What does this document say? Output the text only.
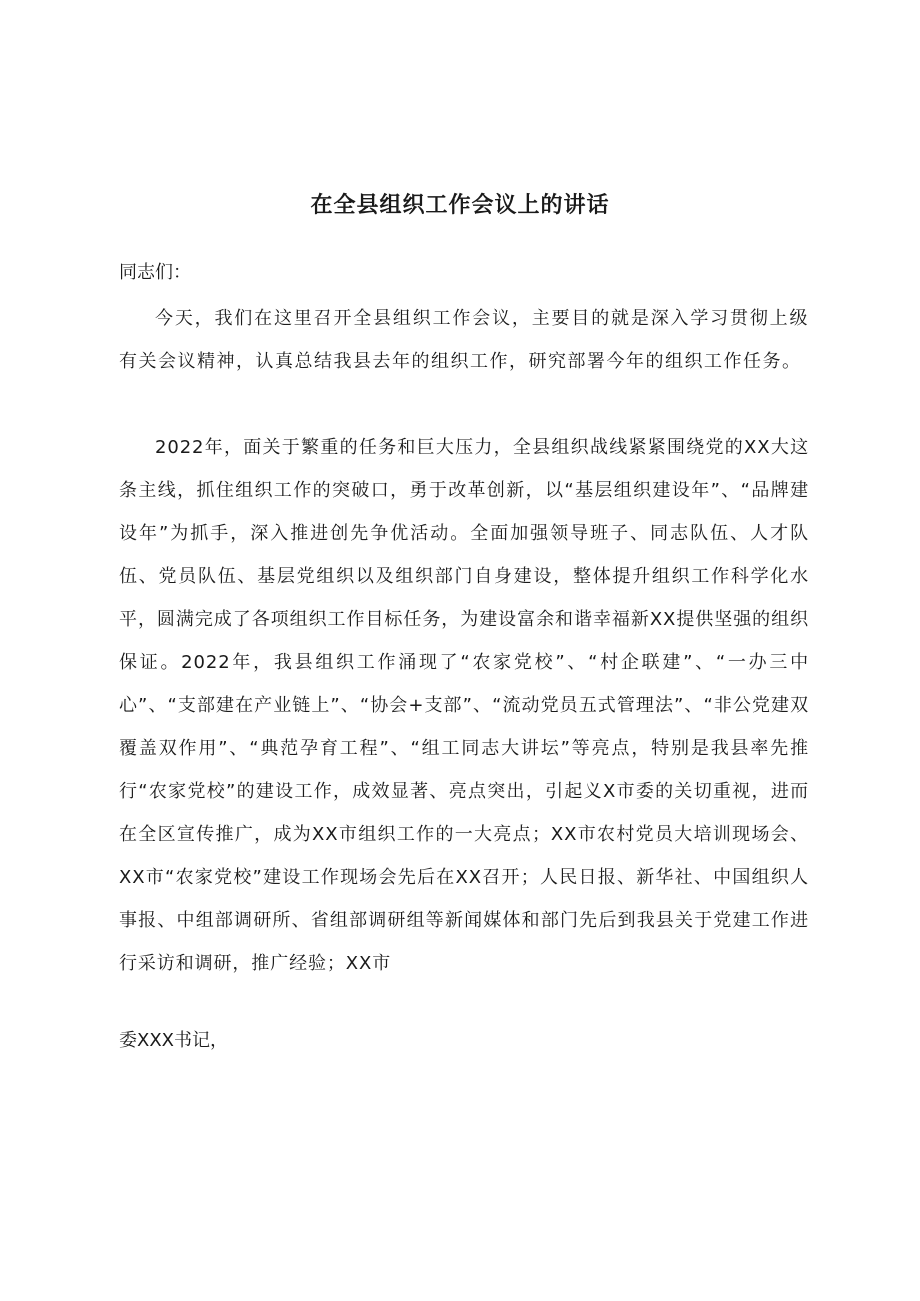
在全县组织工作会议上的讲话

同志们：

今天，我们在这里召开全县组织工作会议，主要目的就是深入学习贯彻上级有关会议精神，认真总结我县去年的组织工作，研究部署今年的组织工作任务。

2022年，面关于繁重的任务和巨大压力，全县组织战线紧紧围绕党的XX大这条主线，抓住组织工作的突破口，勇于改革创新，以“基层组织建设年”、“品牌建设年”为抓手，深入推进创先争优活动。全面加强领导班子、同志队伍、人才队伍、党员队伍、基层党组织以及组织部门自身建设，整体提升组织工作科学化水平，圆满完成了各项组织工作目标任务，为建设富余和谐幸福新XX提供坚强的组织保证。2022年，我县组织工作涌现了“农家党校”、“村企联建”、“一办三中心”、“支部建在产业链上”、“协会+支部”、“流动党员五式管理法”、“非公党建双覆盖双作用”、“典范孕育工程”、“组工同志大讲坛”等亮点，特别是我县率先推行“农家党校”的建设工作，成效显著、亮点突出，引起义X市委的关切重视，进而在全区宣传推广，成为XX市组织工作的一大亮点；XX市农村党员大培训现场会、XX市“农家党校”建设工作现场会先后在XX召开；人民日报、新华社、中国组织人事报、中组部调研所、省组部调研组等新闻媒体和部门先后到我县关于党建工作进行采访和调研，推广经验；XX市

委XXX书记，
